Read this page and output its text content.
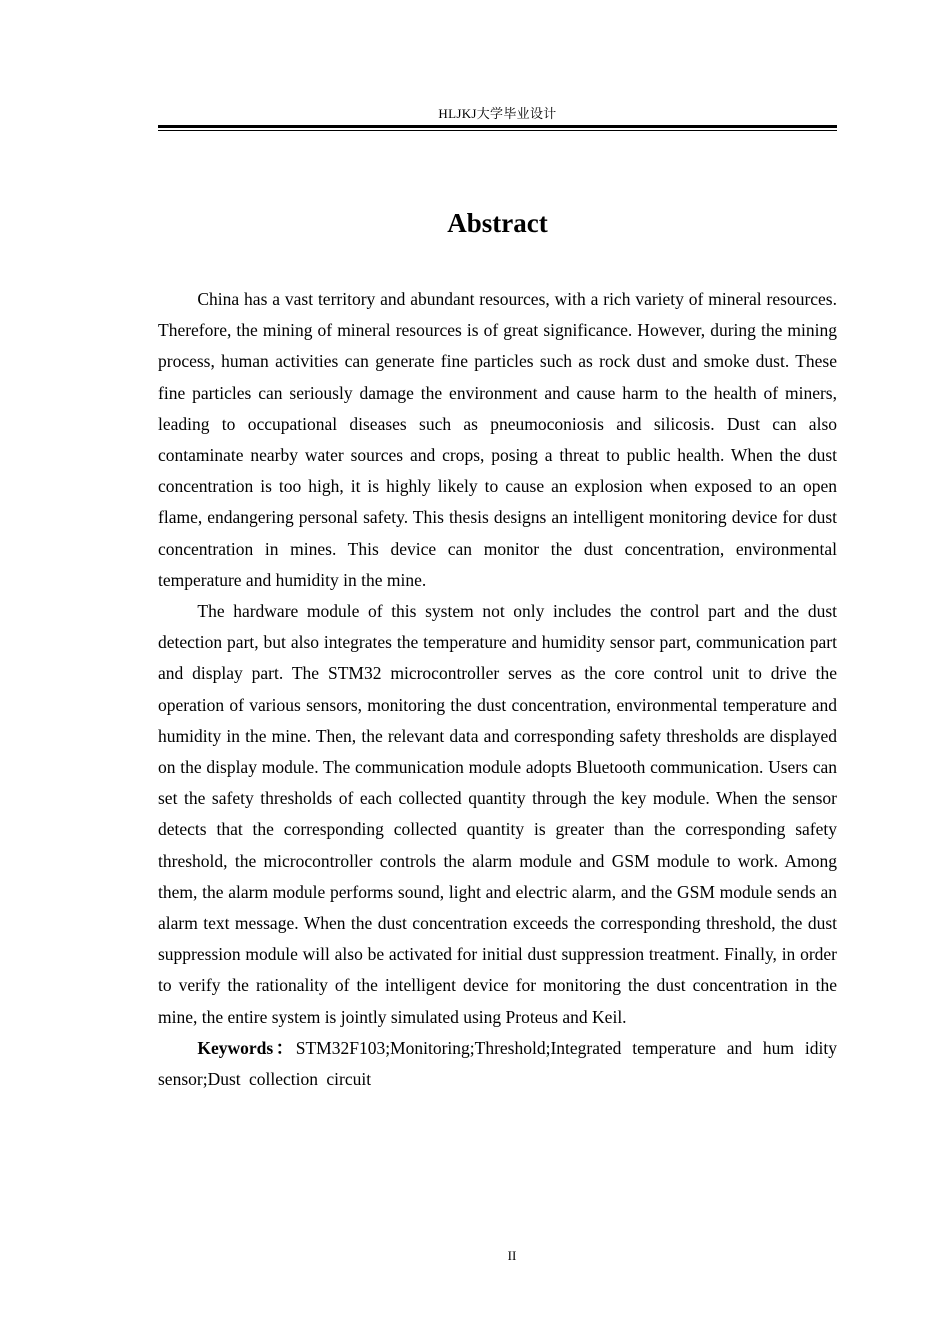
HLJKJ大学毕业设计
Abstract

China has a vast territory and abundant resources, with a rich variety of mineral resources. Therefore, the mining of mineral resources is of great significance. However, during the mining process, human activities can generate fine particles such as rock dust and smoke dust. These fine particles can seriously damage the environment and cause harm to the health of miners, leading to occupational diseases such as pneumoconiosis and silicosis. Dust can also contaminate nearby water sources and crops, posing a threat to public health. When the dust concentration is too high, it is highly likely to cause an explosion when exposed to an open flame, endangering personal safety. This thesis designs an intelligent monitoring device for dust concentration in mines. This device can monitor the dust concentration, environmental temperature and humidity in the mine.

The hardware module of this system not only includes the control part and the dust detection part, but also integrates the temperature and humidity sensor part, communication part and display part. The STM32 microcontroller serves as the core control unit to drive the operation of various sensors, monitoring the dust concentration, environmental temperature and humidity in the mine. Then, the relevant data and corresponding safety thresholds are displayed on the display module. The communication module adopts Bluetooth communication. Users can set the safety thresholds of each collected quantity through the key module. When the sensor detects that the corresponding collected quantity is greater than the corresponding safety threshold, the microcontroller controls the alarm module and GSM module to work. Among them, the alarm module performs sound, light and electric alarm, and the GSM module sends an alarm text message. When the dust concentration exceeds the corresponding threshold, the dust suppression module will also be activated for initial dust suppression treatment. Finally, in order to verify the rationality of the intelligent device for monitoring the dust concentration in the mine, the entire system is jointly simulated using Proteus and Keil.

Keywords：STM32F103;Monitoring;Threshold;Integrated temperature and hum idity sensor;Dust collection circuit

II
